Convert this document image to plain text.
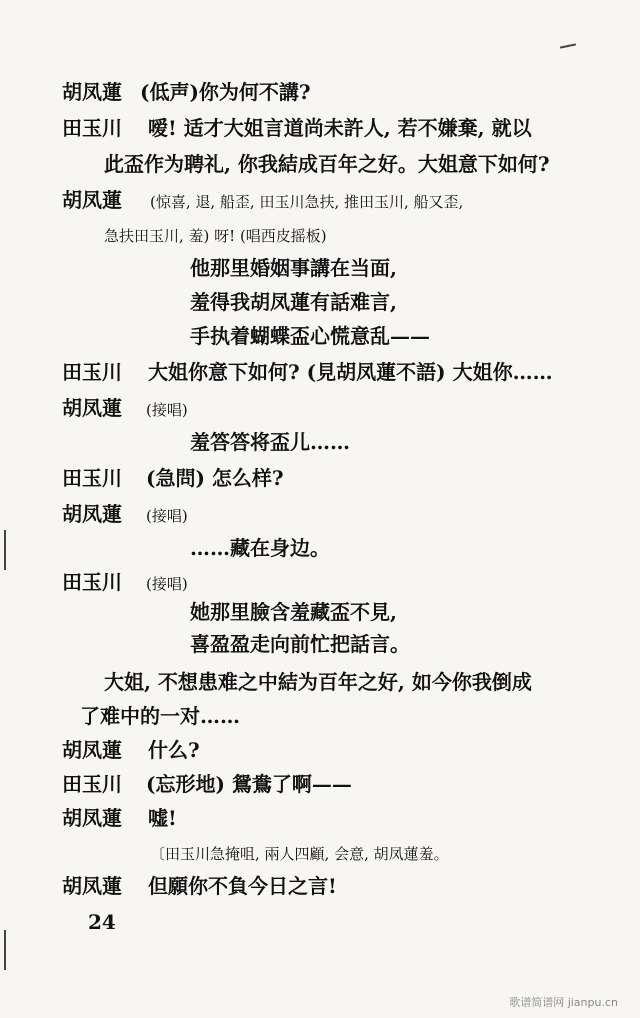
胡凤蓮 (低声)你为何不講?
田玉川 嗳! 适才大姐言道尚未許人, 若不嫌棄, 就以
此盃作为聘礼, 你我結成百年之好。大姐意下如何?
胡凤蓮 (惊喜, 退, 船歪, 田玉川急扶, 推田玉川, 船又歪,
急扶田玉川, 羞) 呀! (唱西皮摇板)
他那里婚姻事講在当面,
羞得我胡凤蓮有話难言,
手执着蝴蝶盃心慌意乱——
田玉川 大姐你意下如何? (見胡凤蓮不語) 大姐你……
胡凤蓮 (接唱)
羞答答将盃儿……
田玉川 (急問) 怎么样?
胡凤蓮 (接唱)
……藏在身边。
田玉川 (接唱)
她那里臉含羞藏盃不見,
喜盈盈走向前忙把話言。
大姐, 不想患难之中結为百年之好, 如今你我倒成
了难中的一对……
胡凤蓮 什么?
田玉川 (忘形地) 鴛鴦了啊——
胡凤蓮 嘘!
〔田玉川急掩咀, 兩人四顧, 会意, 胡凤蓮羞。
胡凤蓮 但願你不負今日之言!
24
歌谱简谱网 jianpu.cn
